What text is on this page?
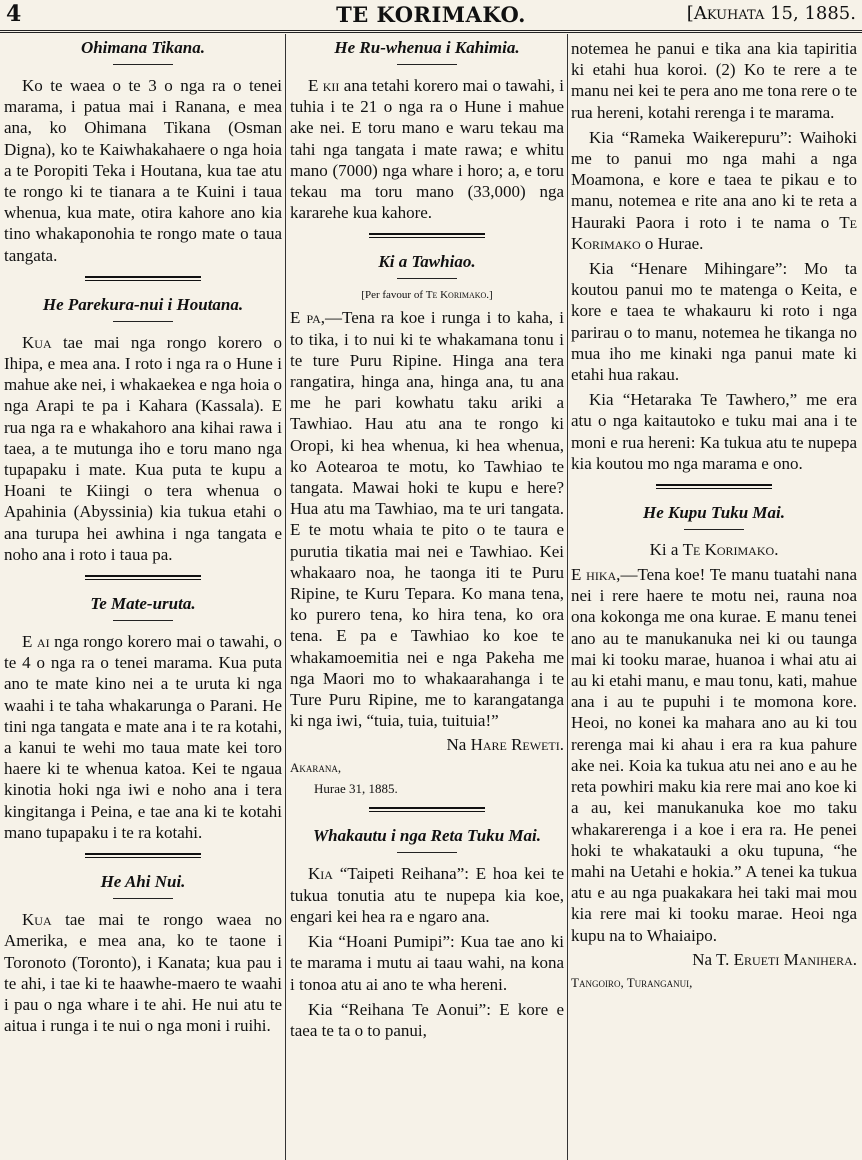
4	TE KORIMAKO.	[Akuhata 15, 1885.
Ohimana Tikana.

Ko te waea o te 3 o nga ra o tenei marama, i patua mai i Ranana, e mea ana, ko Ohimana Tikana (Osman Digna), ko te Kaiwhakahaere o nga hoia a te Poropiti Teka i Houtana, kua tae atu te rongo ki te tianara a te Kuini i taua whenua, kua mate, otira kahore ano kia tino whakaponohia te rongo mate o taua tangata.

He Parekura-nui i Houtana.

Kua tae mai nga rongo korero o Ihipa, e mea ana. I roto i nga ra o Hune i mahue ake nei, i whakaekea e nga hoia o nga Arapi te pa i Kahara (Kassala). E rua nga ra e whakahoro ana kihai rawa i taea, a te mutunga iho e toru mano nga tupapaku i mate. Kua puta te kupu a Hoani te Kiingi o tera whenua o Apahinia (Abyssinia) kia tukua etahi o ana turupa hei awhina i nga tangata e noho ana i roto i taua pa.

Te Mate-uruta.

E ai nga rongo korero mai o tawahi, o te 4 o nga ra o tenei marama. Kua puta ano te mate kino nei a te uruta ki nga waahi i te taha whakarunga o Parani. He tini nga tangata e mate ana i te ra kotahi, a kanui te wehi mo taua mate kei toro haere ki te whenua katoa. Kei te ngaua kinotia hoki nga iwi e noho ana i tera kingitanga i Peina, e tae ana ki te kotahi mano tupapaku i te ra kotahi.

He Ahi Nui.

Kua tae mai te rongo waea no Amerika, e mea ana, ko te taone i Toronoto (Toronto), i Kanata; kua pau i te ahi, i tae ki te haawhe-maero te waahi i pau o nga whare i te ahi. He nui atu te aitua i runga i te nui o nga moni i ruihi.

He Ru-whenua i Kahimia.

E kii ana tetahi korero mai o tawahi, i tuhia i te 21 o nga ra o Hune i mahue ake nei. E toru mano e waru tekau ma tahi nga tangata i mate rawa; e whitu mano (7000) nga whare i horo; a, e toru tekau ma toru mano (33,000) nga kararehe kua kahore.

Ki a Tawhiao.
[Per favour of Te Korimako.]

E pa,—Tena ra koe i runga i to kaha, i to tika, i to nui ki te whakamana tonu i te ture Puru Ripine. Hinga ana tera rangatira, hinga ana, hinga ana, tu ana me he pari kowhatu taku ariki a Tawhiao. Hau atu ana te rongo ki Oropi, ki hea whenua, ki hea whenua, ko Aotearoa te motu, ko Tawhiao te tangata. Mawai hoki te kupu e here? Hua atu ma Tawhiao, ma te uri tangata. E te motu whaia te pito o te taura e purutia tikatia mai nei e Tawhiao. Kei whakaaro noa, he taonga iti te Puru Ripine, te Kuru Tepara. Ko mana tena, ko purero tena, ko hira tena, ko ora tena. E pa e Tawhiao ko koe te whakamoemitia nei e nga Pakeha me nga Maori mo to whakaarahanga i te Ture Puru Ripine, me to karangatanga ki nga iwi, “tuia, tuia, tuituia!”

Na Hare Reweti.
Akarana,
Hurae 31, 1885.
Whakautu i nga Reta Tuku Mai.

Kia “Taipeti Reihana”: E hoa kei te tukua tonutia atu te nupepa kia koe, engari kei hea ra e ngaro ana.

Kia “Hoani Pumipi”: Kua tae ano ki te marama i mutu ai taau wahi, na kona i tonoa atu ai ano te wha hereni.

Kia “Reihana Te Aonui”: E kore e taea te ta o to panui,

notemea he panui e tika ana kia tapiritia ki etahi hua koroi. (2) Ko te rere a te manu nei kei te pera ano me tona rere o te rua hereni, kotahi rerenga i te marama.

Kia “Rameka Waikerepuru”: Waihoki me to panui mo nga mahi a nga Moamona, e kore e taea te pikau e to manu, notemea e rite ana ano ki te reta a Hauraki Paora i roto i te nama o Te Korimako o Hurae.

Kia “Henare Mihingare”: Mo ta koutou panui mo te matenga o Keita, e kore e taea te whakauru ki roto i nga parirau o to manu, notemea he tikanga no mua iho me kinaki nga panui mate ki etahi hua rakau.

Kia “Hetaraka Te Tawhero,” me era atu o nga kaitautoko e tuku mai ana i te moni e rua hereni: Ka tukua atu te nupepa kia koutou mo nga marama e ono.

He Kupu Tuku Mai.
Ki a Te Korimako.

E hika,—Tena koe! Te manu tuatahi nana nei i rere haere te motu nei, rauna noa ona kokonga me ona kurae. E manu tenei ano au te manukanuka nei ki ou taunga mai ki tooku marae, huanoa i whai atu ai au ki etahi manu, e mau tonu, kati, mahue ana i au te pupuhi i te momona kore. Heoi, no konei ka mahara ano au ki tou rerenga mai ki ahau i era ra kua pahure ake nei. Koia ka tukua atu nei ano e au he reta powhiri maku kia rere mai ano koe ki a au, kei manukanuka koe mo taku whakarerenga i a koe i era ra. He penei hoki te whakatauki a oku tupuna, “he mahi na Uetahi e hokia.” A tenei ka tukua atu e au nga puakakara hei taki mai mou kia rere mai ki tooku marae. Heoi nga kupu na to Whaiaipo.

Na T. Erueti Manihera.
Tangoiro, Turanganui,
